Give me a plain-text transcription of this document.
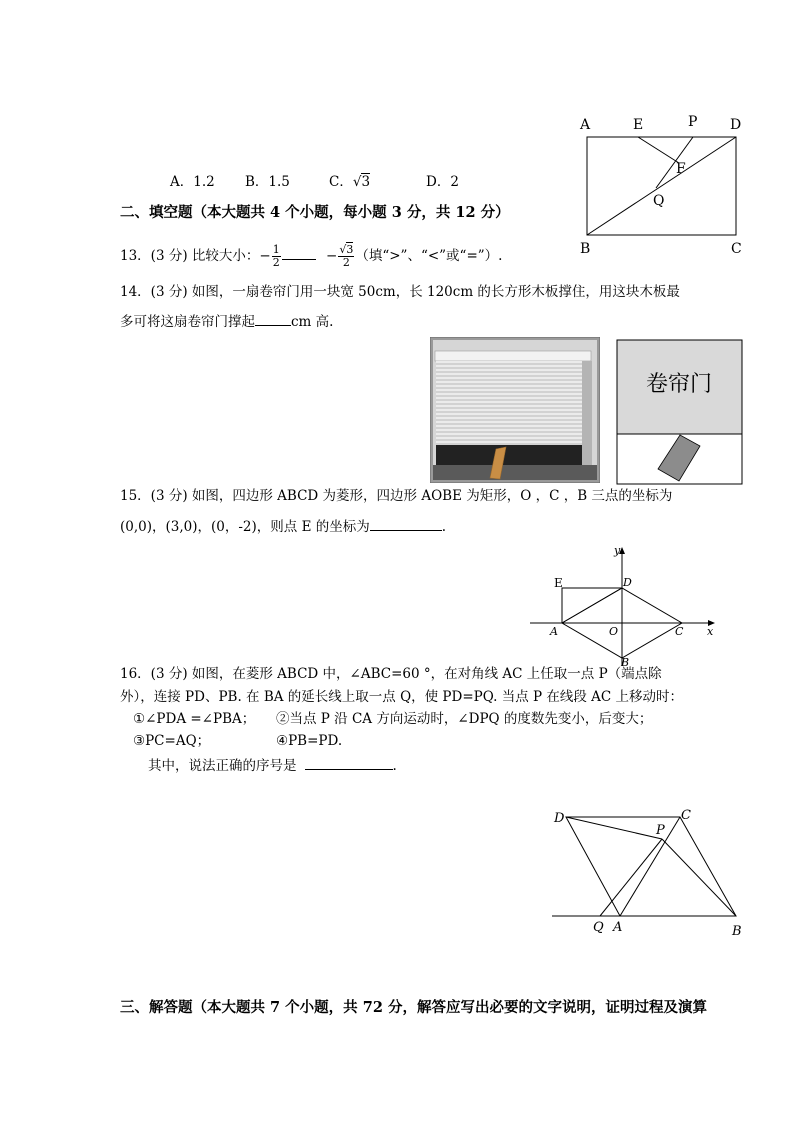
A．1.2 B．1.5	C．√3	D．2
A	E	P D
F
Q
B	C
二、填空题（本大题共 4 个小题，每小题 3 分，共 12 分）
13．(3 分) 比较大小：− $\frac{1}{2}$	− $\frac{√3}{2}$ （填“>”、“<”或“=”）.
14．(3 分) 如图，一扇卷帘门用一块宽 50cm，长 120cm 的长方形木板撑住，用这块木板最
多可将这扇卷帘门撑起	cm 高.
卷帘门
15．(3 分) 如图，四边形 ABCD 为菱形，四边形 AOBE 为矩形，O ，C ，B 三点的坐标为
(0,0)，(3,0)，(0，-2)，则点 E 的坐标为	.
y
x
E	D
A	O	C
B
16．(3 分) 如图，在菱形 ABCD 中，∠ABC=60 °，在对角线 AC 上任取一点 P（端点除
外），连接 PD、PB. 在 BA 的延长线上取一点 Q，使 PD=PQ. 当点 P 在线段 AC 上移动时：
①∠PDA =∠PBA； ②当点 P 沿 CA 方向运动时，∠DPQ 的度数先变小，后变大；
③PC=AQ；	④PB=PD.
其中，说法正确的序号是	.
D	C
P
Q A	B
三、解答题（本大题共 7 个小题，共 72 分，解答应写出必要的文字说明，证明过程及演算
